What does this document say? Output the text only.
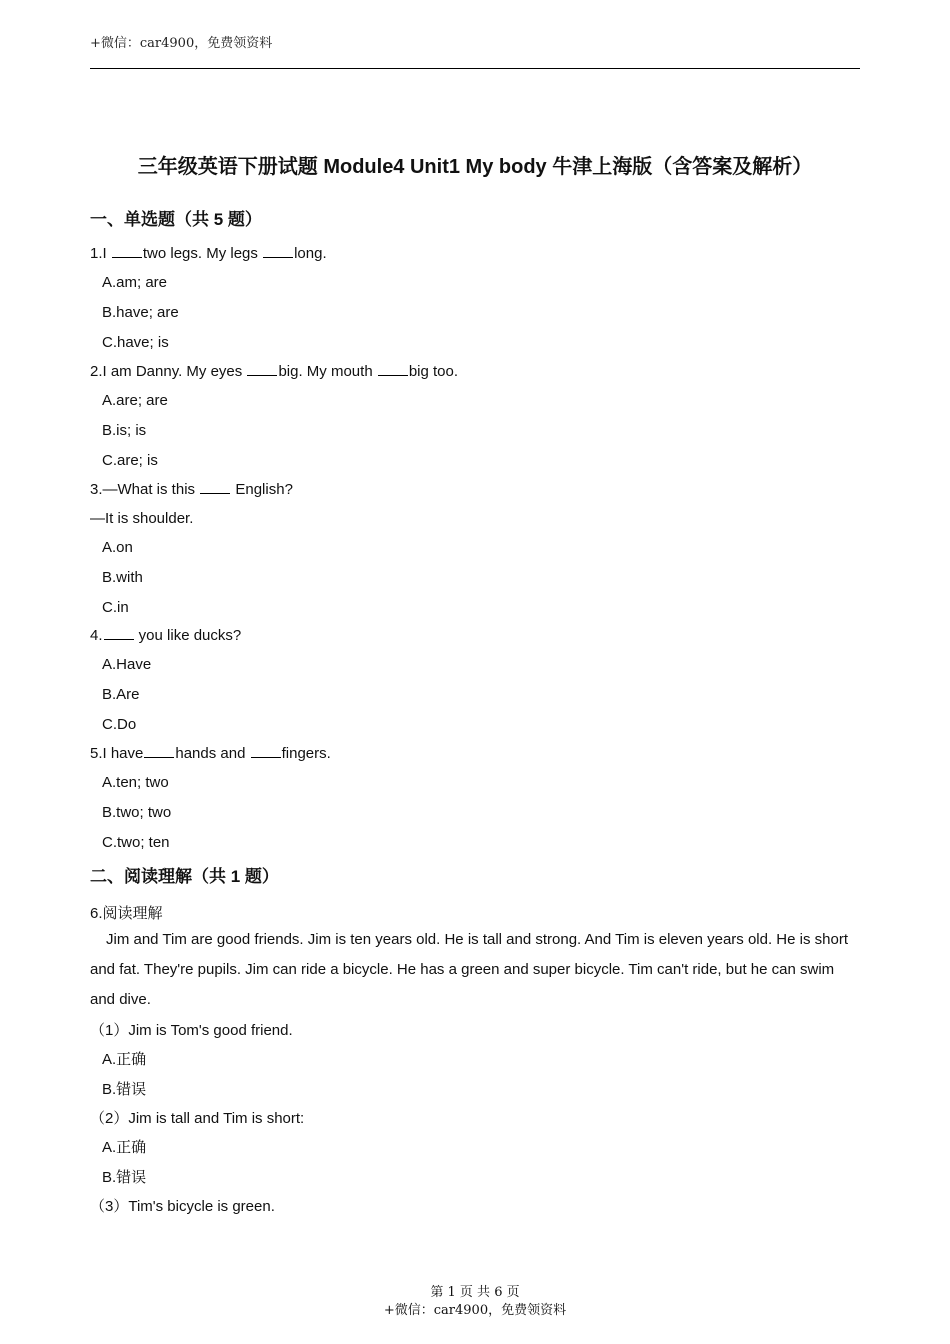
+微信：car4900，免费领资料
三年级英语下册试题 Module4 Unit1 My body 牛津上海版（含答案及解析）
一、单选题（共 5 题）
1.I two legs. My legs long.
A.am; are
B.have; are
C.have; is
2.I am Danny. My eyes big. My mouth big too.
A.are; are
B.is; is
C.are; is
3.—What is this  English?
—It is shoulder.
A.on
B.with
C.in
4. you like ducks?
A.Have
B.Are
C.Do
5.I have hands and fingers.
A.ten; two
B.two; two
C.two; ten
二、阅读理解（共 1 题）
6.阅读理解
Jim and Tim are good friends. Jim is ten years old. He is tall and strong. And Tim is eleven years old. He is short and fat. They're pupils. Jim can ride a bicycle. He has a green and super bicycle. Tim can't ride, but he can swim and dive.
（1）Jim is Tom's good friend.
A.正确
B.错误
（2）Jim is tall and Tim is short:
A.正确
B.错误
（3）Tim's bicycle is green.
第 1 页 共 6 页
+微信：car4900，免费领资料
